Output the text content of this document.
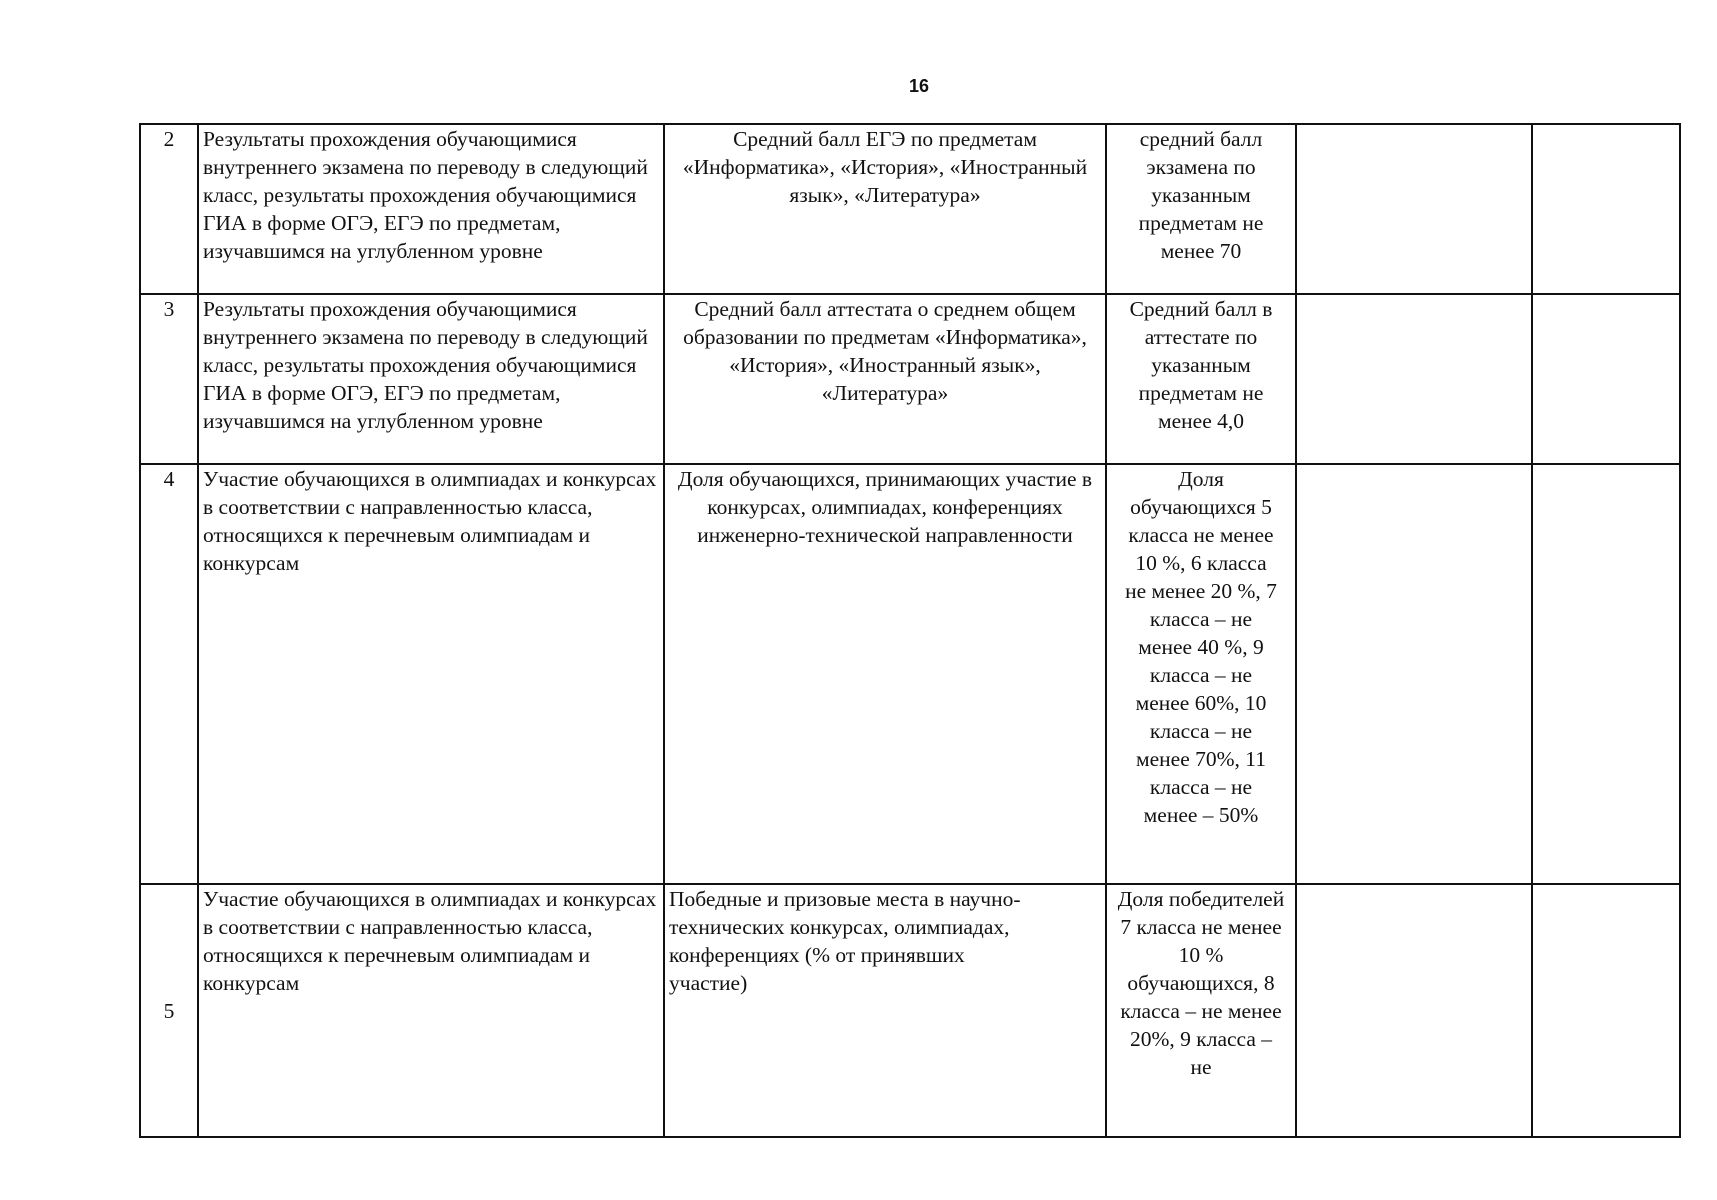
16
2	Результаты прохождения обучающимися внутреннего экзамена по переводу в следующий класс, результаты прохождения обучающимися ГИА в форме ОГЭ, ЕГЭ по предметам, изучавшимся на углубленном уровне	Средний балл ЕГЭ по предметам «Информатика», «История», «Иностранный язык», «Литература»	средний балл экзамена по указанным предметам не менее 70		

3	Результаты прохождения обучающимися внутреннего экзамена по переводу в следующий класс, результаты прохождения обучающимися ГИА в форме ОГЭ, ЕГЭ по предметам, изучавшимся на углубленном уровне	Средний балл аттестата о среднем общем образовании по предметам «Информатика», «История», «Иностранный язык», «Литература»	Средний балл в аттестате по указанным предметам не менее 4,0		

4	Участие обучающихся в олимпиадах и конкурсах в соответствии с направленностью класса, относящихся к перечневым олимпиадам и конкурсам	Доля обучающихся, принимающих участие в конкурсах, олимпиадах, конференциях инженерно-технической направленности	Доля обучающихся 5 класса не менее 10 %, 6 класса не менее 20 %, 7 класса – не менее 40 %, 9 класса – не менее 60%, 10 класса – не менее 70%, 11 класса – не менее – 50%		

5	Участие обучающихся в олимпиадах и конкурсах в соответствии с направленностью класса, относящихся к перечневым олимпиадам и конкурсам	Победные и призовые места в научно-технических конкурсах, олимпиадах, конференциях (% от принявших участие)	Доля победителей 7 класса не менее 10 % обучающихся, 8 класса – не менее 20%, 9 класса – не		
